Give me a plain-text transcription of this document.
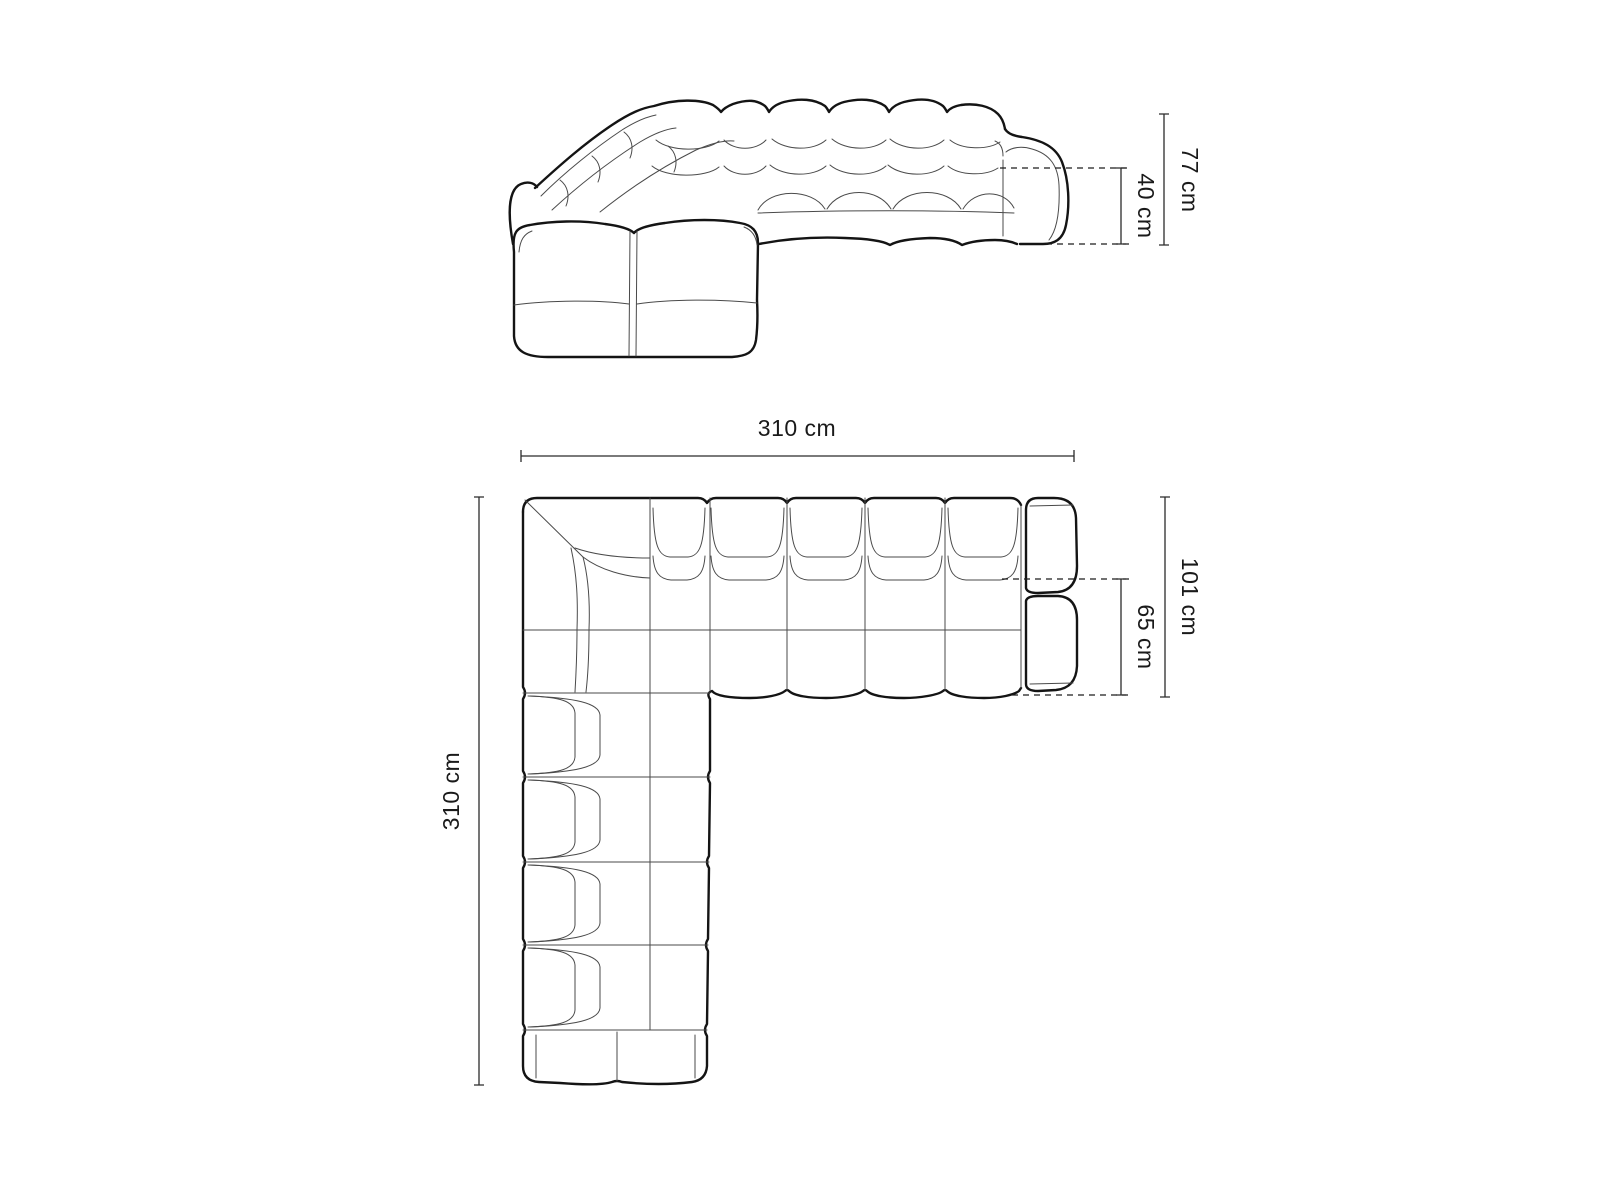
40 cm 77 cm
310 cm
310 cm
65 cm
101 cm
